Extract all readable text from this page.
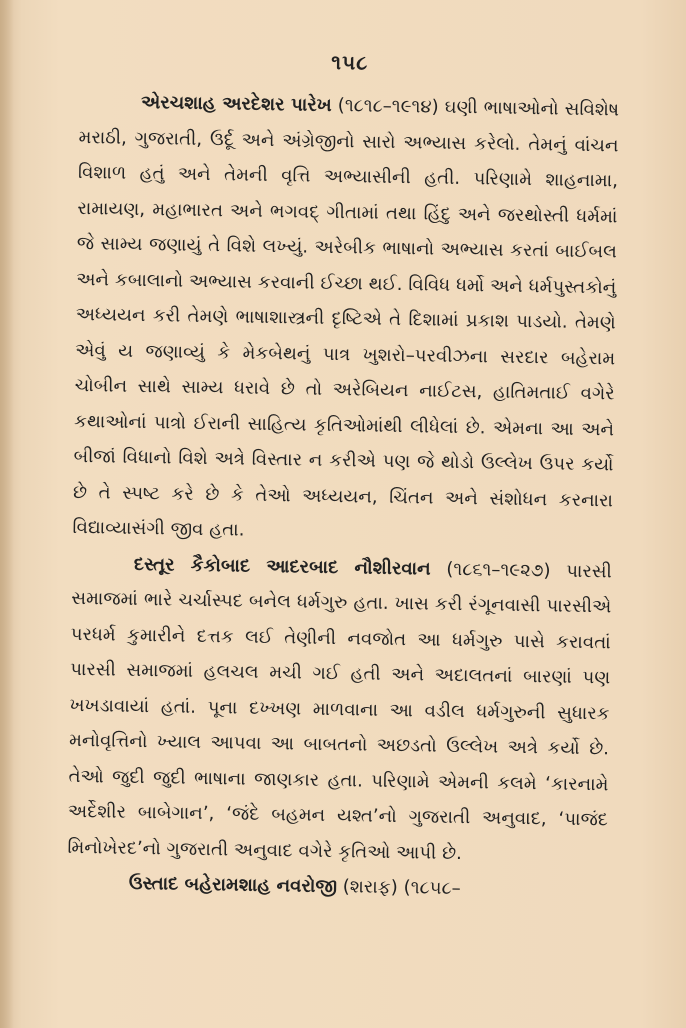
૧૫૮

એરચશાહ અરદેશર પારેખ (૧૮૧૮–૧૯૧૪) ઘણી ભાષાઓનો સવિશેષ મરાઠી, ગુજરાતી, ઉર્દૂ અને અંગ્રેજીનો સારો અભ્યાસ કરેલો. તેમનું વાંચન વિશાળ હતું અને તેમની વૃત્તિ અભ્યાસીની હતી. પરિણામે શાહનામા, રામાયણ, મહાભારત અને ભગવદ્ ગીતામાં તથા હિંદુ અને જરથોસ્તી ધર્મમાં જે સામ્ય જણાયું તે વિશે લખ્યું. અરેબીક ભાષાનો અભ્યાસ કરતાં બાઈબલ અને કબાલાનો અભ્યાસ કરવાની ઈચ્છા થઈ. વિવિધ ધર્મો અને ધર્મપુસ્તકોનું અધ્યયન કરી તેમણે ભાષાશાસ્ત્રની દૃષ્ટિએ તે દિશામાં પ્રકાશ પાડયો. તેમણે એવું ય જણાવ્યું કે મેકબેથનું પાત્ર ખુશરો–પરવીઝના સરદાર બહેરામ ચોબીન સાથે સામ્ય ધરાવે છે તો અરેબિયન નાઈટસ, હાતિમતાઈ વગેરે કથાઓનાં પાત્રો ઈરાની સાહિત્ય કૃતિઓમાંથી લીધેલાં છે. એમના આ અને બીજાં વિધાનો વિશે અત્રે વિસ્તાર ન કરીએ પણ જે થોડો ઉલ્લેખ ઉપર કર્યો છે તે સ્પષ્ટ કરે છે કે તેઓ અધ્યયન, ચિંતન અને સંશોધન કરનારા વિદ્યાવ્યાસંગી જીવ હતા.

દસ્તૂર કૈકોબાદ આદરબાદ નૌશીરવાન (૧૮૬૧–૧૯૨૭) પારસી સમાજમાં ભારે ચર્ચાસ્પદ બનેલ ધર્મગુરુ હતા. ખાસ કરી રંગૂનવાસી પારસીએ પરધર્મ કુમારીને દત્તક લઈ તેણીની નવજોત આ ધર્મગુરુ પાસે કરાવતાં પારસી સમાજમાં હલચલ મચી ગઈ હતી અને અદાલતનાં બારણાં પણ ખખડાવાયાં હતાં. પૂના દખ્ખણ માળવાના આ વડીલ ધર્મગુરુની સુધારક મનોવૃત્તિનો ખ્યાલ આપવા આ બાબતનો અછડતો ઉલ્લેખ અત્રે કર્યો છે. તેઓ જુદી જુદી ભાષાના જાણકાર હતા. પરિણામે એમની કલમે ‘કારનામે અર્દેશીર બાબેગાન’, ‘જંદે બહમન યશ્ત’નો ગુજરાતી અનુવાદ, ‘પાજંદ મિનોખેરદ’નો ગુજરાતી અનુવાદ વગેરે કૃતિઓ આપી છે.

ઉસ્તાદ બહેરામશાહ નવરોજી (શરાફ) (૧૮૫૮–
